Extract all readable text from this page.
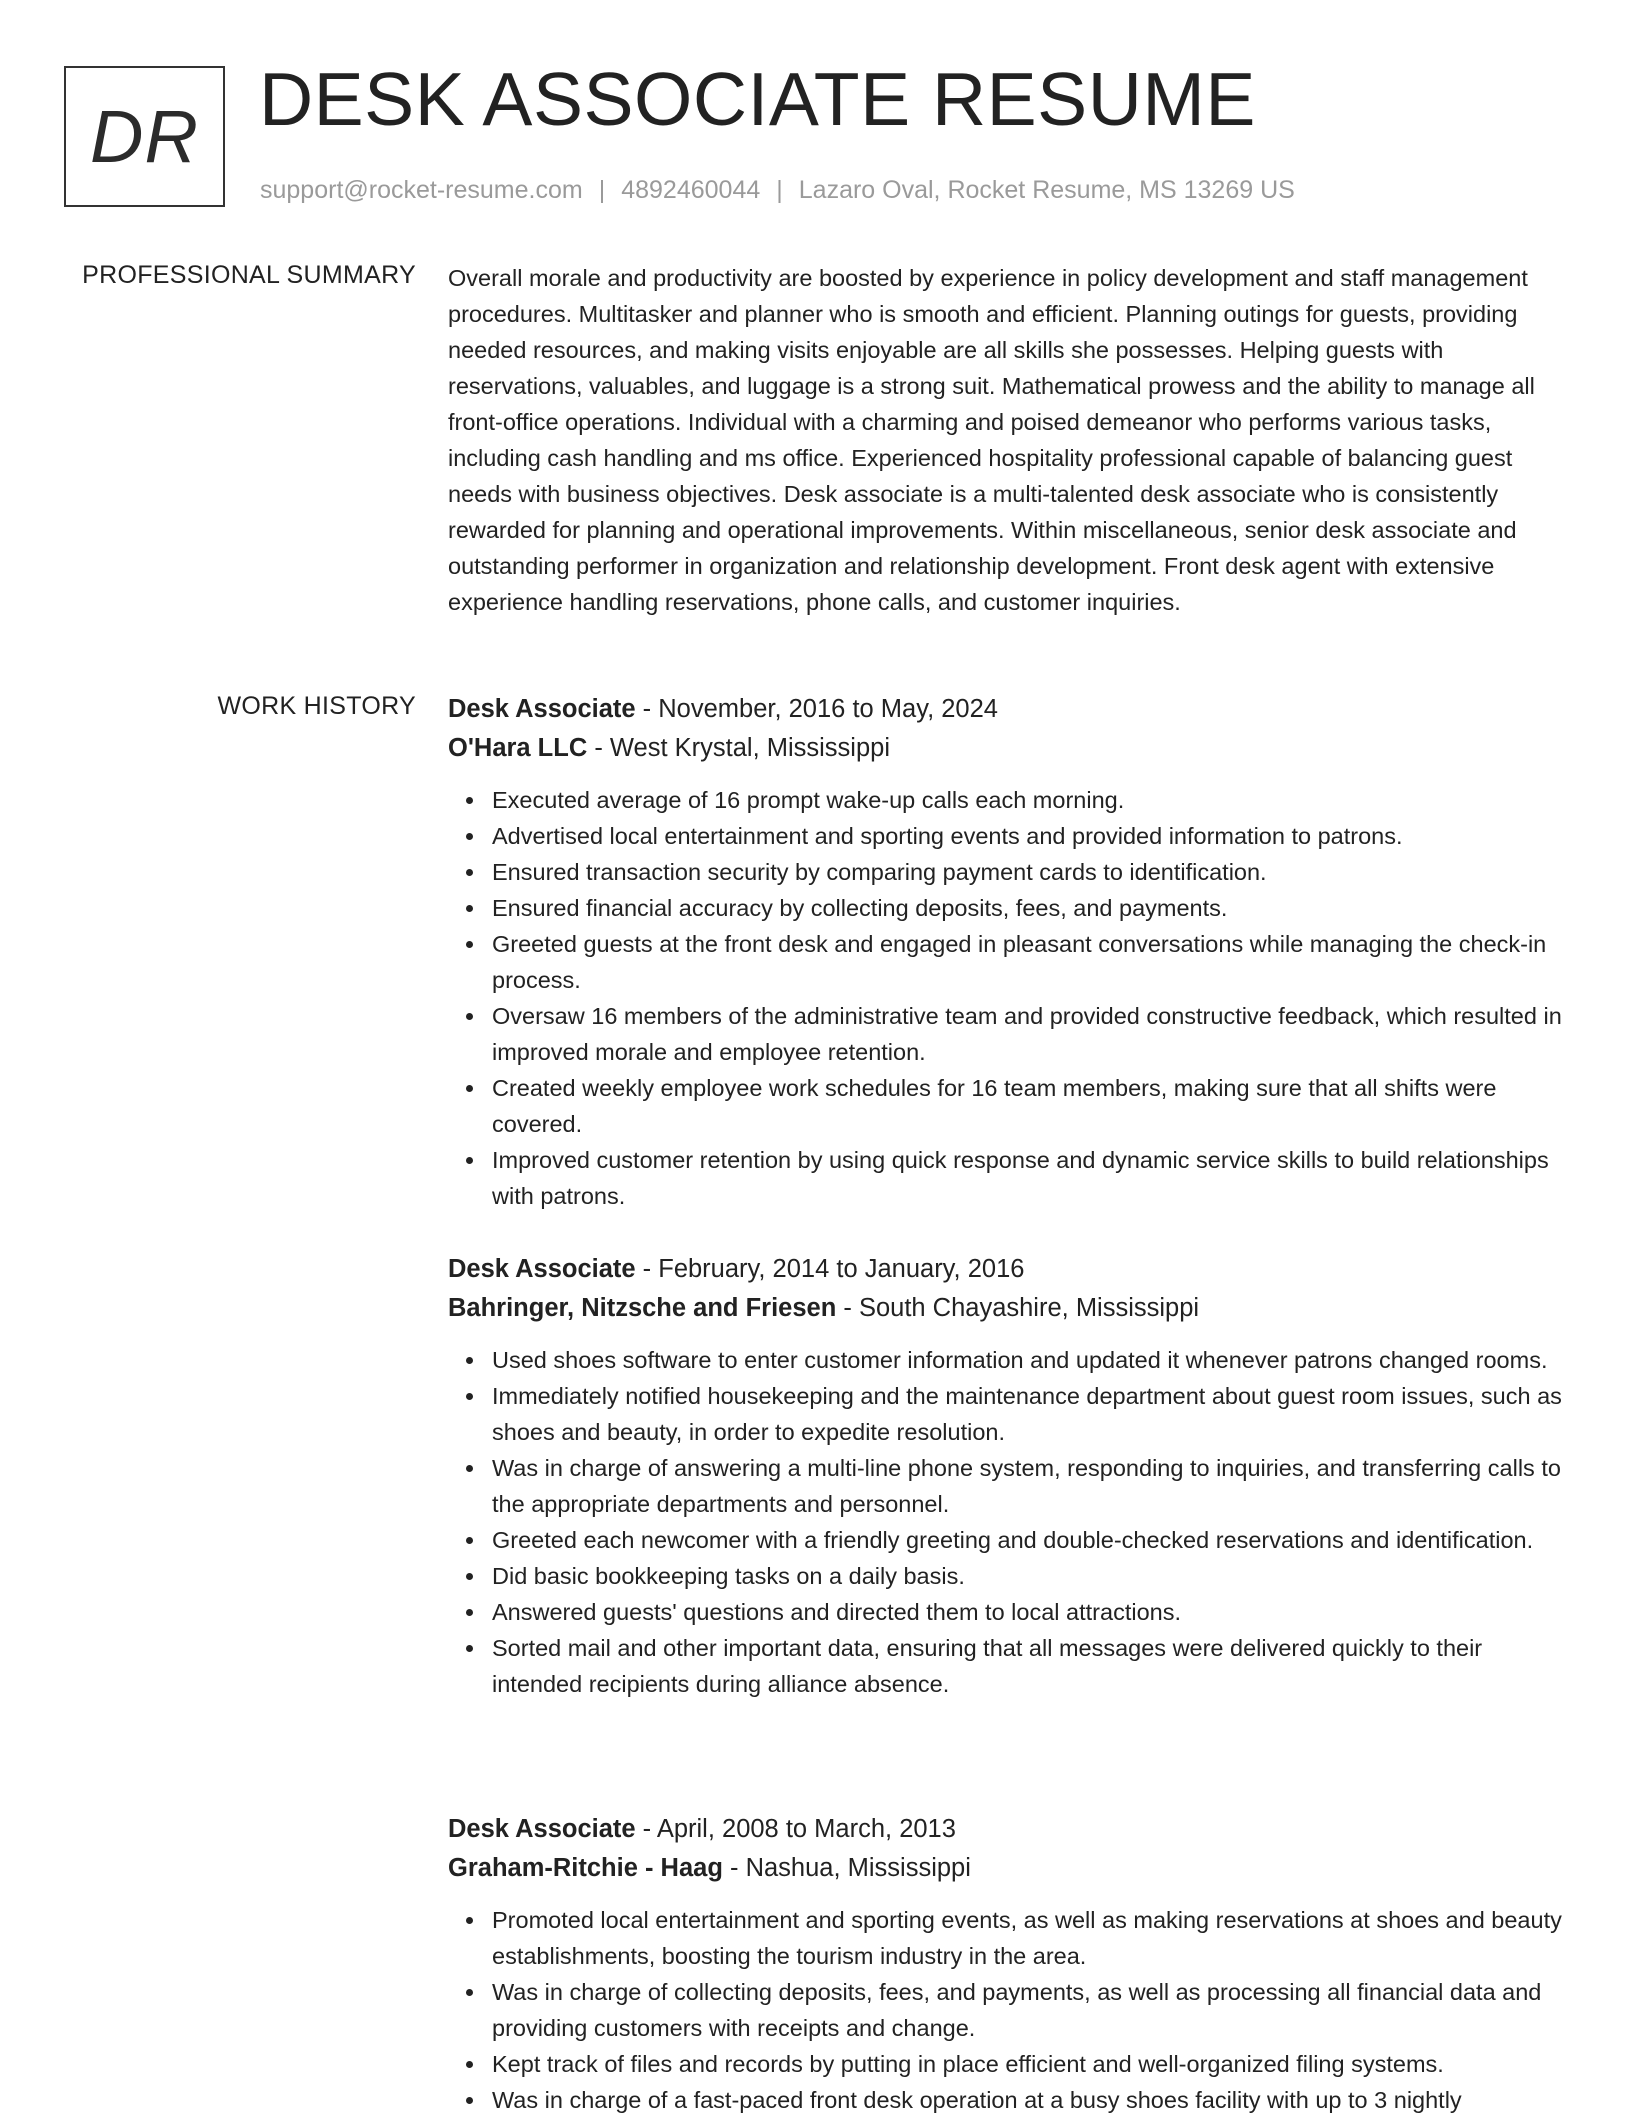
DR DESK ASSOCIATE RESUME
support@rocket-resume.com | 4892460044 | Lazaro Oval, Rocket Resume, MS 13269 US
PROFESSIONAL SUMMARY Overall morale and productivity are boosted by experience in policy development and staff management procedures. Multitasker and planner who is smooth and efficient. Planning outings for guests, providing needed resources, and making visits enjoyable are all skills she possesses. Helping guests with reservations, valuables, and luggage is a strong suit. Mathematical prowess and the ability to manage all front-office operations. Individual with a charming and poised demeanor who performs various tasks, including cash handling and ms office. Experienced hospitality professional capable of balancing guest needs with business objectives. Desk associate is a multi-talented desk associate who is consistently rewarded for planning and operational improvements. Within miscellaneous, senior desk associate and outstanding performer in organization and relationship development. Front desk agent with extensive experience handling reservations, phone calls, and customer inquiries.
WORK HISTORY Desk Associate - November, 2016 to May, 2024
O'Hara LLC - West Krystal, Mississippi
Executed average of 16 prompt wake-up calls each morning.
Advertised local entertainment and sporting events and provided information to patrons.
Ensured transaction security by comparing payment cards to identification.
Ensured financial accuracy by collecting deposits, fees, and payments.
Greeted guests at the front desk and engaged in pleasant conversations while managing the check-in process.
Oversaw 16 members of the administrative team and provided constructive feedback, which resulted in improved morale and employee retention.
Created weekly employee work schedules for 16 team members, making sure that all shifts were covered.
Improved customer retention by using quick response and dynamic service skills to build relationships with patrons.
Desk Associate - February, 2014 to January, 2016
Bahringer, Nitzsche and Friesen - South Chayashire, Mississippi
Used shoes software to enter customer information and updated it whenever patrons changed rooms.
Immediately notified housekeeping and the maintenance department about guest room issues, such as shoes and beauty, in order to expedite resolution.
Was in charge of answering a multi-line phone system, responding to inquiries, and transferring calls to the appropriate departments and personnel.
Greeted each newcomer with a friendly greeting and double-checked reservations and identification.
Did basic bookkeeping tasks on a daily basis.
Answered guests' questions and directed them to local attractions.
Sorted mail and other important data, ensuring that all messages were delivered quickly to their intended recipients during alliance absence.
Desk Associate - April, 2008 to March, 2013
Graham-Ritchie - Haag - Nashua, Mississippi
Promoted local entertainment and sporting events, as well as making reservations at shoes and beauty establishments, boosting the tourism industry in the area.
Was in charge of collecting deposits, fees, and payments, as well as processing all financial data and providing customers with receipts and change.
Kept track of files and records by putting in place efficient and well-organized filing systems.
Was in charge of a fast-paced front desk operation at a busy shoes facility with up to 3 nightly
